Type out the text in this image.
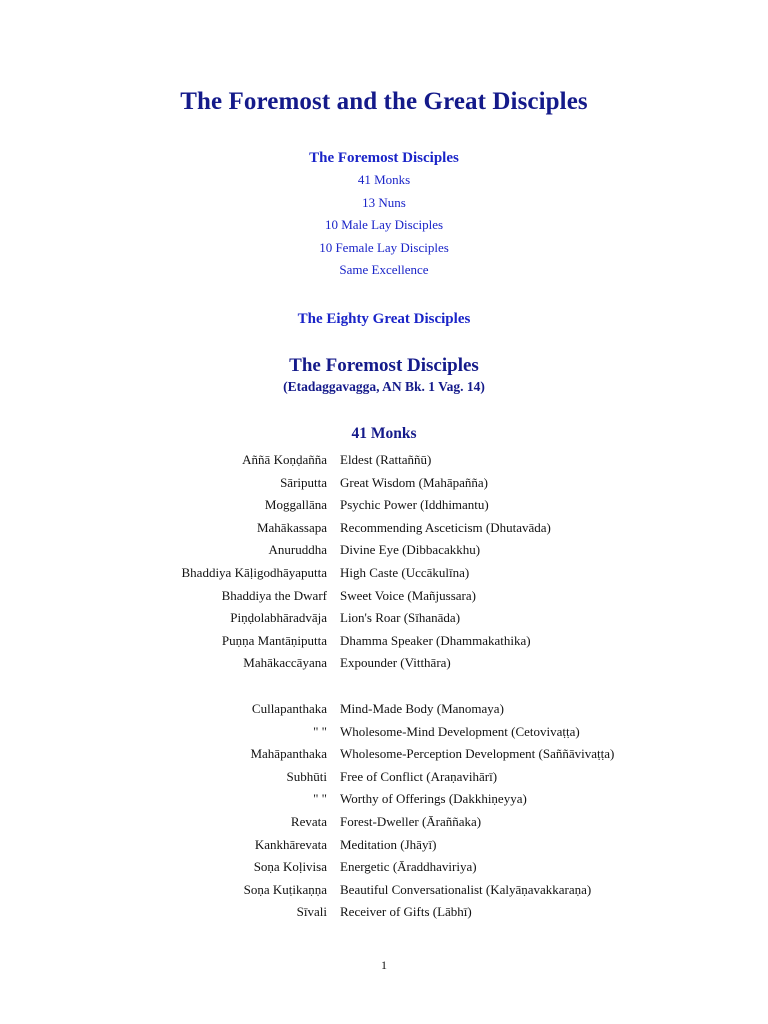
The Foremost and the Great Disciples
The Foremost Disciples
41 Monks
13 Nuns
10 Male Lay Disciples
10 Female Lay Disciples
Same Excellence
The Eighty Great Disciples
The Foremost Disciples
(Etadaggavagga, AN Bk. 1 Vag. 14)
41 Monks
Aññā Koṇḍañña Eldest (Rattaññū)
Sāriputta Great Wisdom (Mahāpañña)
Moggallāna Psychic Power (Iddhimantu)
Mahākassapa Recommending Asceticism (Dhutavāda)
Anuruddha Divine Eye (Dibbacakkhu)
Bhaddiya Kāḷigodhāyaputta High Caste (Uccākulīna)
Bhaddiya the Dwarf Sweet Voice (Mañjussara)
Piṇḍolabhāradvāja Lion's Roar (Sīhanāda)
Puṇṇa Mantāṇiputta Dhamma Speaker (Dhammakathika)
Mahākaccāyana Expounder (Vitthāra)
Cullapanthaka Mind-Made Body (Manomaya)
" " Wholesome-Mind Development (Cetovivaṭṭa)
Mahāpanthaka Wholesome-Perception Development (Saññāvivaṭṭa)
Subhūti Free of Conflict (Araṇavihārī)
" " Worthy of Offerings (Dakkhiṇeyya)
Revata Forest-Dweller (Āraññaka)
Kankhārevata Meditation (Jhāyī)
Soṇa Koḷivisa Energetic (Āraddhaviriya)
Soṇa Kuṭikaṇṇa Beautiful Conversationalist (Kalyāṇavakkaraṇa)
Sīvali Receiver of Gifts (Lābhī)
1
